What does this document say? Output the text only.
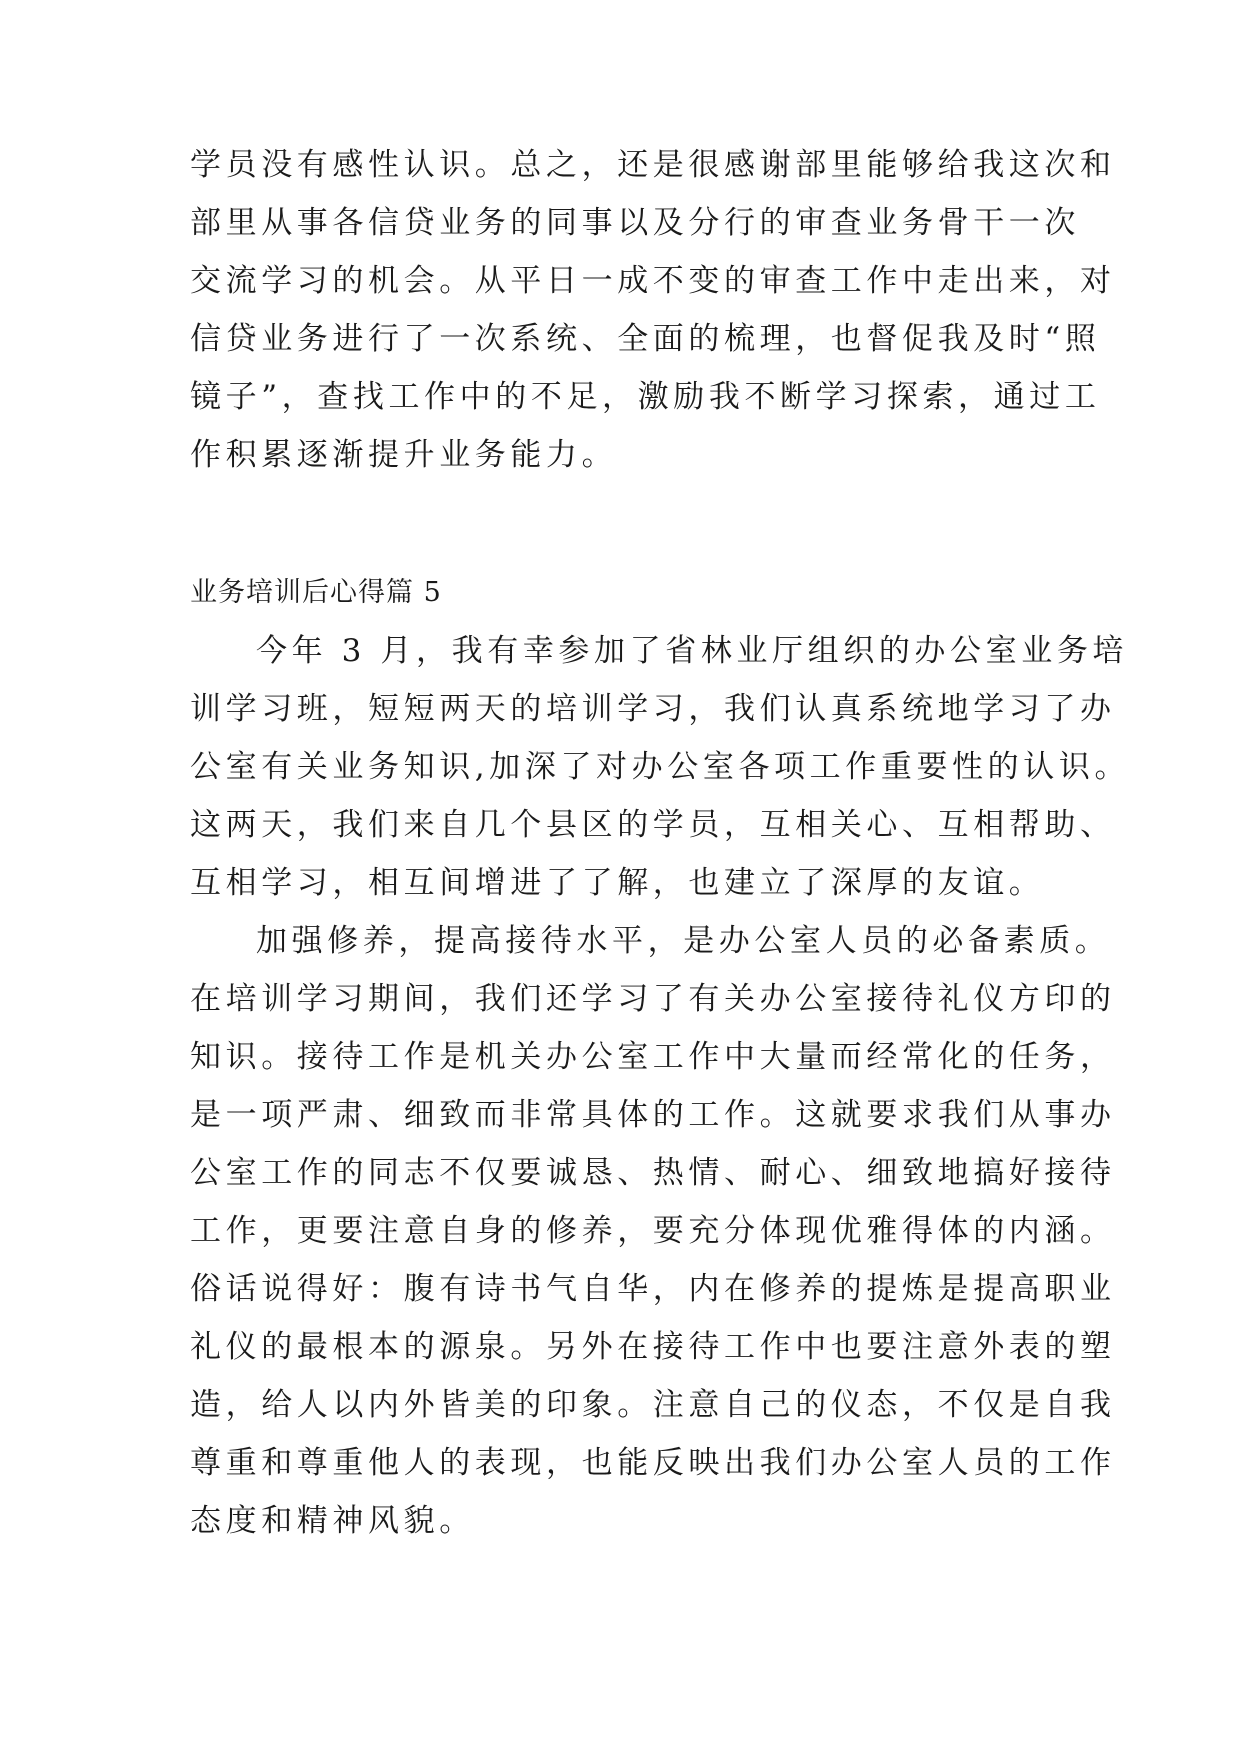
学员没有感性认识。总之，还是很感谢部里能够给我这次和
部里从事各信贷业务的同事以及分行的审查业务骨干一次
交流学习的机会。从平日一成不变的审查工作中走出来，对
信贷业务进行了一次系统、全面的梳理，也督促我及时“照
镜子”，查找工作中的不足，激励我不断学习探索，通过工
作积累逐渐提升业务能力。
业务培训后心得篇 5
今年 3 月，我有幸参加了省林业厅组织的办公室业务培
训学习班，短短两天的培训学习，我们认真系统地学习了办
公室有关业务知识,加深了对办公室各项工作重要性的认识。
这两天，我们来自几个县区的学员，互相关心、互相帮助、
互相学习，相互间增进了了解，也建立了深厚的友谊。
加强修养，提高接待水平，是办公室人员的必备素质。
在培训学习期间，我们还学习了有关办公室接待礼仪方印的
知识。接待工作是机关办公室工作中大量而经常化的任务，
是一项严肃、细致而非常具体的工作。这就要求我们从事办
公室工作的同志不仅要诚恳、热情、耐心、细致地搞好接待
工作，更要注意自身的修养，要充分体现优雅得体的内涵。
俗话说得好：腹有诗书气自华，内在修养的提炼是提高职业
礼仪的最根本的源泉。另外在接待工作中也要注意外表的塑
造，给人以内外皆美的印象。注意自己的仪态，不仅是自我
尊重和尊重他人的表现，也能反映出我们办公室人员的工作
态度和精神风貌。
